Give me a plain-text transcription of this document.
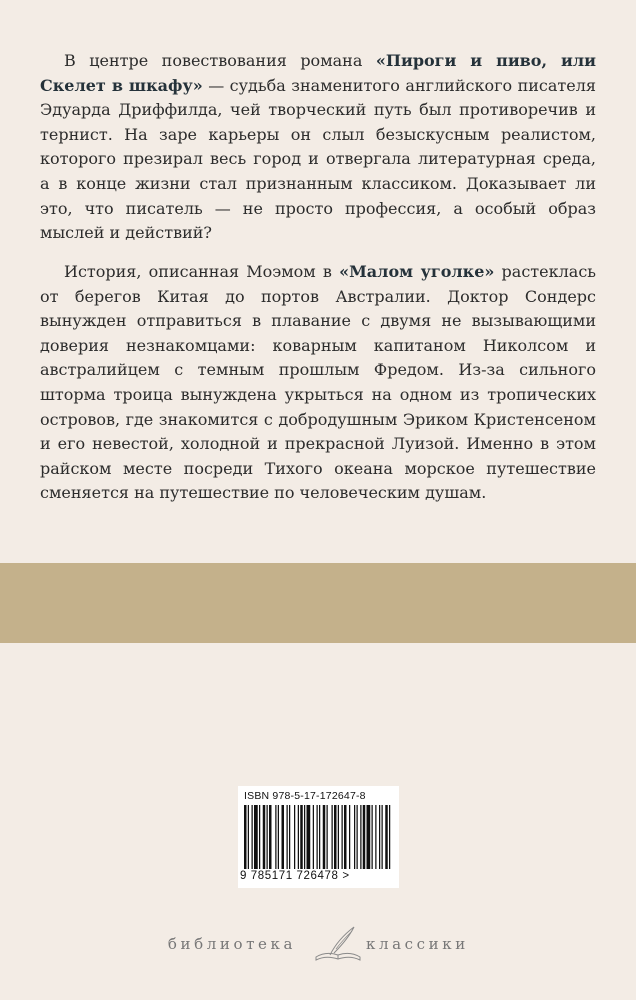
В центре повествования романа «Пироги и пиво, или Скелет в шкафу» — судьба знаменитого английского писателя Эдуарда Дриффилда, чей творческий путь был противоречив и тернист. На заре карьеры он слыл безыскусным реалистом, которого презирал весь город и отвергала литературная среда, а в конце жизни стал признанным классиком. Доказывает ли это, что писатель — не просто профессия, а особый образ мыслей и действий?

История, описанная Моэмом в «Малом уголке» растеклась от берегов Китая до портов Австралии. Доктор Сондерс вынужден отправиться в плавание с двумя не вызывающими доверия незнакомцами: коварным капитаном Николсом и австралийцем с темным прошлым Фредом. Из-за сильного шторма троица вынуждена укрыться на одном из тропических островов, где знакомится с добродушным Эриком Кристенсеном и его невестой, холодной и прекрасной Луизой. Именно в этом райском месте посреди Тихого океана морское путешествие сменяется на путешествие по человеческим душам.

ISBN 978-5-17-172647-8
9 785171 726478 >
библиотека	классики
